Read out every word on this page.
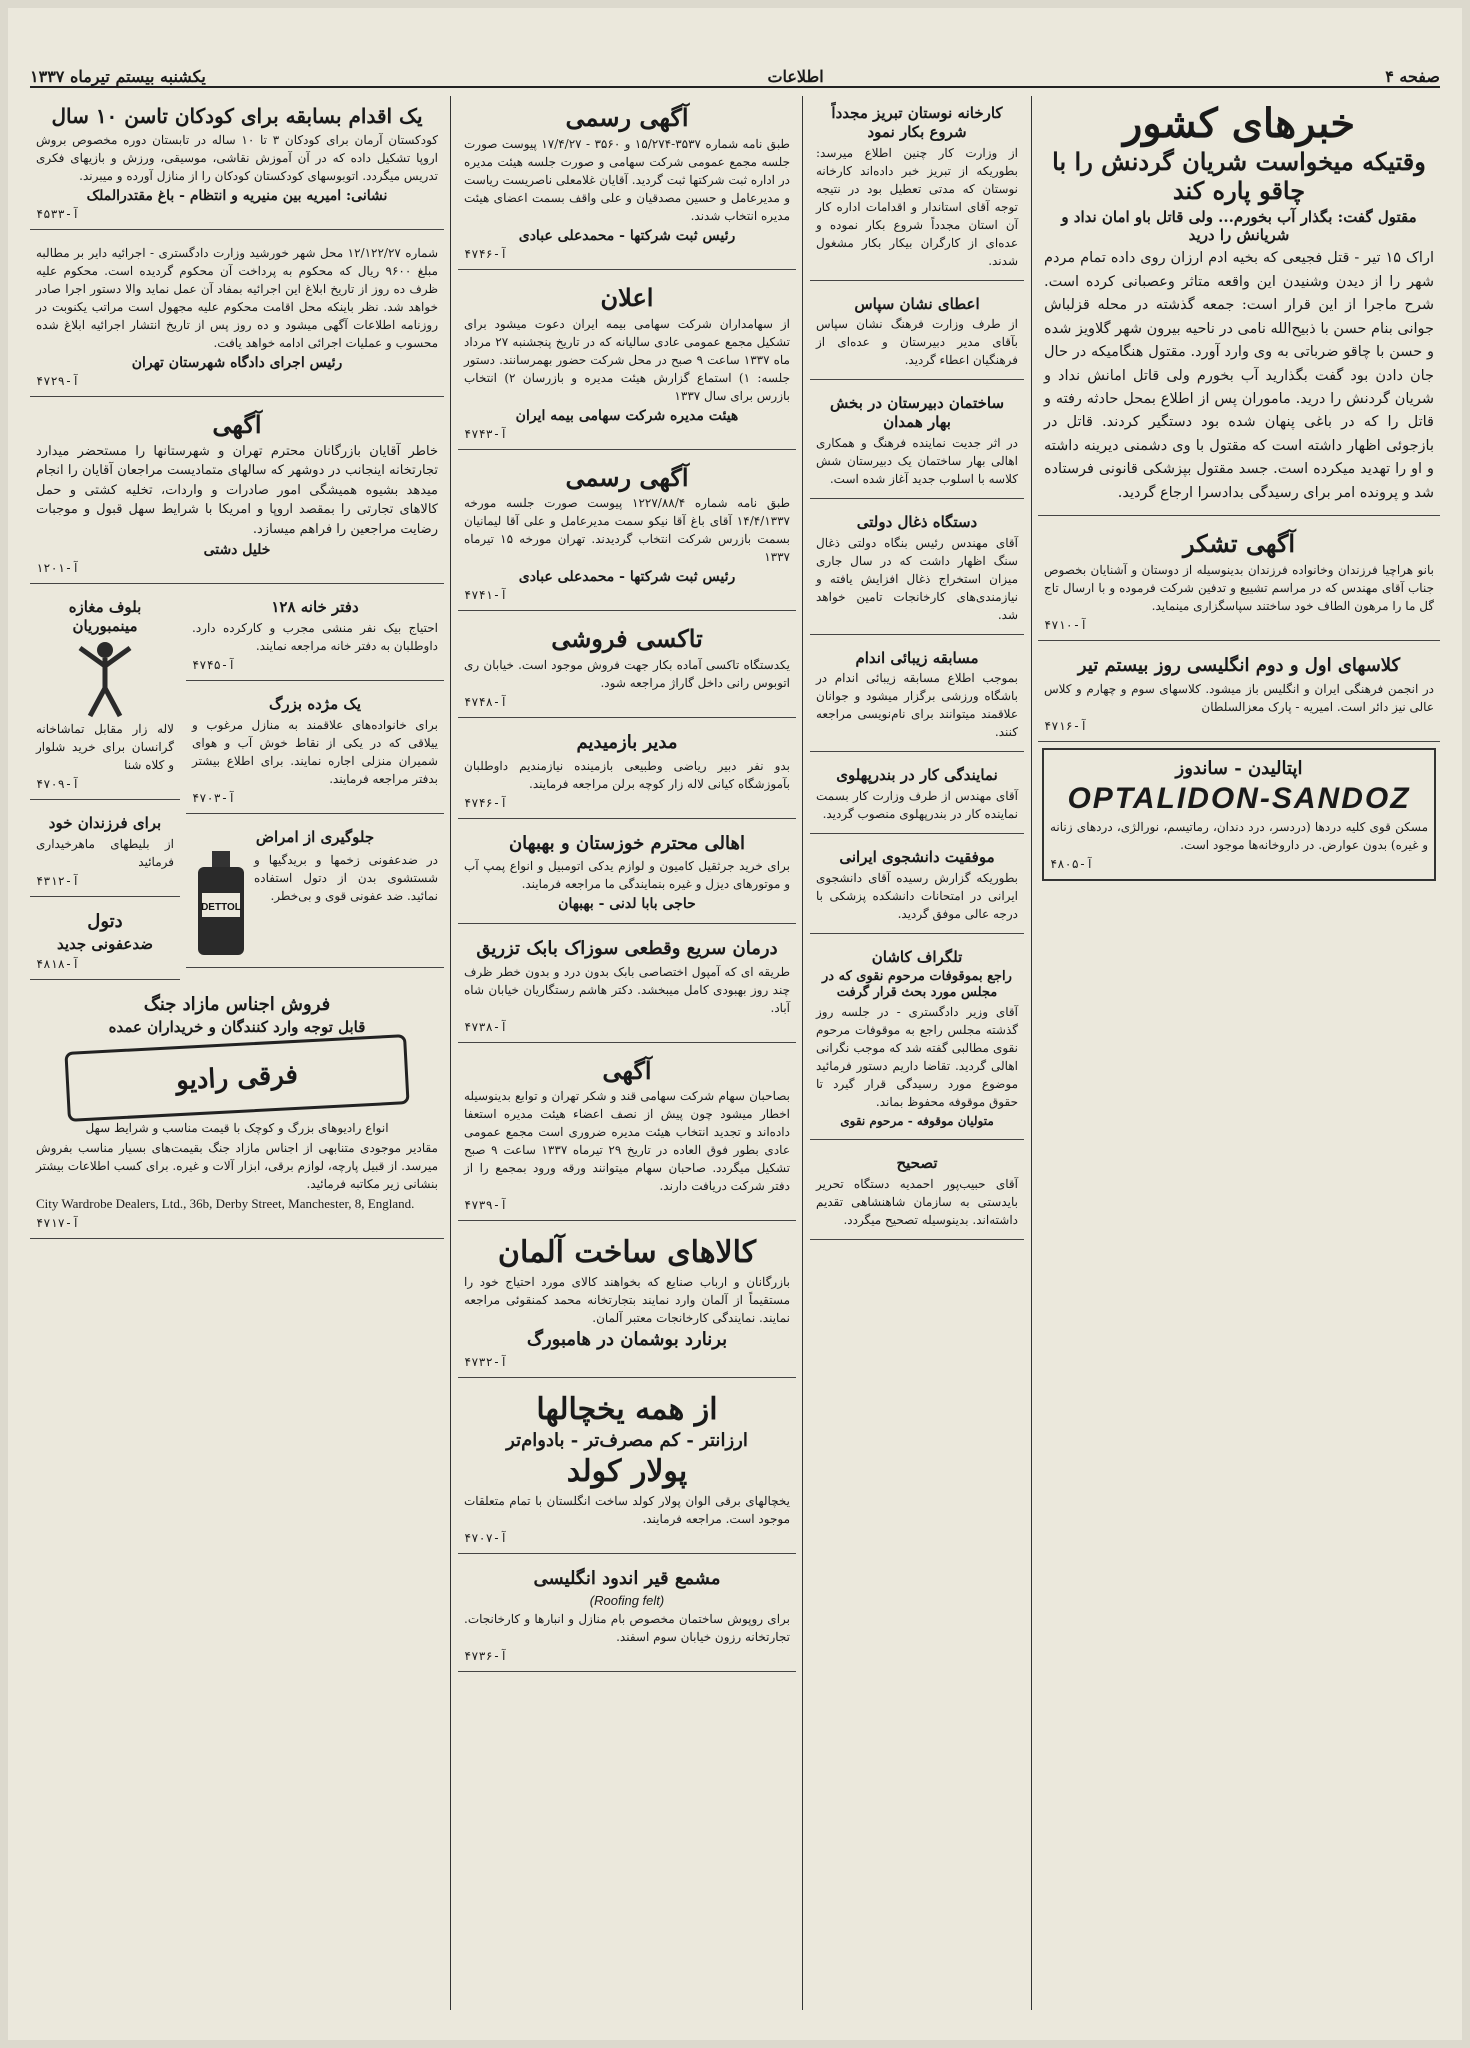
یکشنبه بیستم تیرماه ۱۳۳۷	اطلاعات	صفحه ۴
خبرهای کشور
وقتیکه میخواست شریان گردنش را با چاقو پاره کند
مقتول گفت: بگذار آب بخورم... ولی قاتل باو امان نداد و شریانش را درید
اراک ۱۵ تیر - قتل فجیعی که بخیه ادم ارزان روی داده تمام مردم شهر را از دیدن وشنیدن این واقعه متاثر وعصبانی کرده است. شرح ماجرا از این قرار است: جمعه گذشته در محله قزلباش جوانی بنام حسن با ذبیح‌الله نامی در ناحیه بیرون شهر گلاویز شده و حسن با چاقو ضرباتی به وی وارد آورد. مقتول هنگامیکه در حال جان دادن بود گفت بگذارید آب بخورم ولی قاتل امانش نداد و شریان گردنش را درید. ماموران پس از اطلاع بمحل حادثه رفته و قاتل را که در باغی پنهان شده بود دستگیر کردند. قاتل در بازجوئی اظهار داشته است که مقتول با وی دشمنی دیرینه داشته و او را تهدید میکرده است. جسد مقتول بپزشکی قانونی فرستاده شد و پرونده امر برای رسیدگی بدادسرا ارجاع گردید.
آگهی تشکر
بانو هراچیا فرزندان وخانواده فرزندان بدینوسیله از دوستان و آشنایان بخصوص جناب آقای مهندس که در مراسم تشییع و تدفین شرکت فرموده و با ارسال تاج گل ما را مرهون الطاف خود ساختند سپاسگزاری مینماید.
آ-۴۷۱۰
کلاسهای اول و دوم انگلیسی روز بیستم تیر
در انجمن فرهنگی ایران و انگلیس باز میشود. کلاسهای سوم و چهارم و کلاس عالی نیز دائر است. امیریه - پارک معزالسلطان
آ-۴۷۱۶
اپتالیدن - ساندوز
OPTALIDON-SANDOZ
مسکن قوی کلیه دردها (دردسر، درد دندان، رماتیسم، نورالژی، دردهای زنانه و غیره) بدون عوارض. در داروخانه‌ها موجود است.
آ-۴۸۰۵
کارخانه نوستان تبریز مجدداً شروع بکار نمود
از وزارت کار چنین اطلاع میرسد: بطوریکه از تبریز خبر داده‌اند کارخانه نوستان که مدتی تعطیل بود در نتیجه توجه آقای استاندار و اقدامات اداره کار آن استان مجدداً شروع بکار نموده و عده‌ای از کارگران بیکار بکار مشغول شدند.
اعطای نشان سپاس
از طرف وزارت فرهنگ نشان سپاس بآقای مدیر دبیرستان و عده‌ای از فرهنگیان اعطاء گردید.
ساختمان دبیرستان در بخش بهار همدان
در اثر جدیت نماینده فرهنگ و همکاری اهالی بهار ساختمان یک دبیرستان شش کلاسه با اسلوب جدید آغاز شده است.
دستگاه ذغال دولتی
آقای مهندس رئیس بنگاه دولتی ذغال سنگ اظهار داشت که در سال جاری میزان استخراج ذغال افزایش یافته و نیازمندی‌های کارخانجات تامین خواهد شد.
مسابقه زیبائی اندام
بموجب اطلاع مسابقه زیبائی اندام در باشگاه ورزشی برگزار میشود و جوانان علاقمند میتوانند برای نام‌نویسی مراجعه کنند.
نمایندگی کار در بندرپهلوی
آقای مهندس از طرف وزارت کار بسمت نماینده کار در بندرپهلوی منصوب گردید.
موفقیت دانشجوی ایرانی
بطوریکه گزارش رسیده آقای دانشجوی ایرانی در امتحانات دانشکده پزشکی با درجه عالی موفق گردید.
تلگراف کاشان
راجع بموقوفات مرحوم نقوی که در مجلس مورد بحث قرار گرفت
آقای وزیر دادگستری - در جلسه روز گذشته مجلس راجع به موقوفات مرحوم نقوی مطالبی گفته شد که موجب نگرانی اهالی گردید. تقاضا داریم دستور فرمائید موضوع مورد رسیدگی قرار گیرد تا حقوق موقوفه محفوظ بماند.
متولیان موقوفه - مرحوم نقوی
تصحیح
آقای حبیب‌پور احمدیه دستگاه تحریر بایدستی به سازمان شاهنشاهی تقدیم داشته‌اند. بدینوسیله تصحیح میگردد.
آگهی رسمی
طبق نامه شماره ۳۵۳۷-۱۵/۲۷۴ و ۳۵۶۰ - ۱۷/۴/۲۷ پیوست صورت جلسه مجمع عمومی شرکت سهامی و صورت جلسه هیئت مدیره در اداره ثبت شرکتها ثبت گردید. آقایان غلامعلی ناصریست ریاست و مدیرعامل و حسین مصدقیان و علی واقف بسمت اعضای هیئت مدیره انتخاب شدند.
رئیس ثبت شرکتها - محمدعلی عبادی
آ-۴۷۴۶
اعلان
از سهامداران شرکت سهامی بیمه ایران دعوت میشود برای تشکیل مجمع عمومی عادی سالیانه که در تاریخ پنجشنبه ۲۷ مرداد ماه ۱۳۳۷ ساعت ۹ صبح در محل شرکت حضور بهمرسانند. دستور جلسه: ۱) استماع گزارش هیئت مدیره و بازرسان ۲) انتخاب بازرس برای سال ۱۳۳۷
هیئت مدیره شرکت سهامی بیمه ایران
آ-۴۷۴۳
آگهی رسمی
طبق نامه شماره ۱۲۲۷/۸۸/۴ پیوست صورت جلسه مورخه ۱۴/۴/۱۳۳۷ آقای باغ آقا نیکو سمت مدیرعامل و علی آقا لیمانیان بسمت بازرس شرکت انتخاب گردیدند. تهران مورخه ۱۵ تیرماه ۱۳۳۷
رئیس ثبت شرکتها - محمدعلی عبادی
آ-۴۷۴۱
تاکسی فروشی
یکدستگاه تاکسی آماده بکار جهت فروش موجود است. خیابان ری اتوبوس رانی داخل گاراژ مراجعه شود.
آ-۴۷۴۸
مدیر بازمیدیم
بدو نفر دبیر ریاضی وطبیعی بازمینده نیازمندیم داوطلبان بآموزشگاه کیانی لاله زار کوچه برلن مراجعه فرمایند.
آ-۴۷۴۶
اهالی محترم خوزستان و بهبهان
برای خرید جرثقیل کامیون و لوازم یدکی اتومبیل و انواع پمپ آب و موتورهای دیزل و غیره بنمایندگی ما مراجعه فرمایند.
حاجی بابا لدنی - بهبهان
درمان سریع وقطعی سوزاک بابک تزریق
طریقه ای که آمپول اختصاصی بابک بدون درد و بدون خطر ظرف چند روز بهبودی کامل میبخشد. دکتر هاشم رستگاریان خیابان شاه آباد.
آ-۴۷۳۸
آگهی
بصاحبان سهام شرکت سهامی قند و شکر تهران و توابع بدینوسیله اخطار میشود چون پیش از نصف اعضاء هیئت مدیره استعفا داده‌اند و تجدید انتخاب هیئت مدیره ضروری است مجمع عمومی عادی بطور فوق العاده در تاریخ ۲۹ تیرماه ۱۳۳۷ ساعت ۹ صبح تشکیل میگردد. صاحبان سهام میتوانند ورقه ورود بمجمع را از دفتر شرکت دریافت دارند.
آ-۴۷۳۹
کالاهای ساخت آلمان
بازرگانان و ارباب صنایع که بخواهند کالای مورد احتیاج خود را مستقیماً از آلمان وارد نمایند بتجارتخانه محمد کمنقوئی مراجعه نمایند. نمایندگی کارخانجات معتبر آلمان.
برنارد بوشمان در هامبورگ
آ-۴۷۳۲
از همه یخچالها
ارزانتر - کم مصرف‌تر - بادوام‌تر
پولار کولد
یخچالهای برقی الوان پولار کولد ساخت انگلستان با تمام متعلقات موجود است. مراجعه فرمایند.
آ-۴۷۰۷
مشمع قیر اندود انگلیسی
(Roofing felt)
برای روپوش ساختمان مخصوص بام منازل و انبارها و کارخانجات. تجارتخانه رزون خیابان سوم اسفند.
آ-۴۷۳۶
یک اقدام بسابقه برای کودکان تاسن ۱۰ سال
کودکستان آرمان برای کودکان ۳ تا ۱۰ ساله در تابستان دوره مخصوص بروش اروپا تشکیل داده که در آن آموزش نقاشی، موسیقی، ورزش و بازیهای فکری تدریس میگردد. اتوبوسهای کودکستان کودکان را از منازل آورده و میبرند.
نشانی: امیریه بین منیریه و انتظام - باغ مقتدرالملک
آ-۴۵۳۳
شماره ۱۲/۱۲۲/۲۷ محل شهر خورشید وزارت دادگستری - اجرائیه دایر بر مطالبه مبلغ ۹۶۰۰ ریال که محکوم به پرداخت آن محکوم گردیده است. محکوم علیه ظرف ده روز از تاریخ ابلاغ این اجرائیه بمفاد آن عمل نماید والا دستور اجرا صادر خواهد شد. نظر باینکه محل اقامت محکوم علیه مجهول است مراتب یکنوبت در روزنامه اطلاعات آگهی میشود و ده روز پس از تاریخ انتشار اجرائیه ابلاغ شده محسوب و عملیات اجرائی ادامه خواهد یافت.
رئیس اجرای دادگاه شهرستان تهران
آ-۴۷۲۹
آگهی
خاطر آقایان بازرگانان محترم تهران و شهرستانها را مستحضر میدارد تجارتخانه اینجانب در دوشهر که سالهای متمادیست مراجعان آقایان را انجام میدهد بشیوه همیشگی امور صادرات و واردات، تخلیه کشتی و حمل کالاهای تجارتی را بمقصد اروپا و امریکا با شرایط سهل قبول و موجبات رضایت مراجعین را فراهم میسازد.
خلیل دشتی
آ-۱۲۰۱
دفتر خانه ۱۲۸
احتیاج بیک نفر منشی مجرب و کارکرده دارد. داوطلبان به دفتر خانه مراجعه نمایند.
آ-۴۷۴۵
یک مژده بزرگ
برای خانواده‌های علاقمند به منازل مرغوب و ییلاقی که در یکی از نقاط خوش آب و هوای شمیران منزلی اجاره نمایند. برای اطلاع بیشتر بدفتر مراجعه فرمایند.
آ-۴۷۰۳
جلوگیری از امراض
در ضدعفونی زخمها و بریدگیها و شستشوی بدن از دتول استفاده نمائید. ضد عفونی قوی و بی‌خطر.
DETTOL
بلوف مغازه مینمبوریان
لاله زار مقابل تماشاخانه گرانسان برای خرید شلوار و کلاه شنا
آ-۴۷۰۹
برای فرزندان خود
از بلیطهای ماهرخیداری فرمائید
آ-۴۳۱۲
دتول
ضدعفونی جدید
آ-۴۸۱۸
فروش اجناس مازاد جنگ
قابل توجه وارد کنندگان و خریداران عمده
فرقی رادیو
انواع رادیوهای بزرگ و کوچک با قیمت مناسب و شرایط سهل
مقادیر موجودی متنابهی از اجناس مازاد جنگ بقیمت‌های بسیار مناسب بفروش میرسد. از قبیل پارچه، لوازم برقی، ابزار آلات و غیره. برای کسب اطلاعات بیشتر بنشانی زیر مکاتبه فرمائید.
City Wardrobe Dealers, Ltd., 36b, Derby Street, Manchester, 8, England.
آ-۴۷۱۷
